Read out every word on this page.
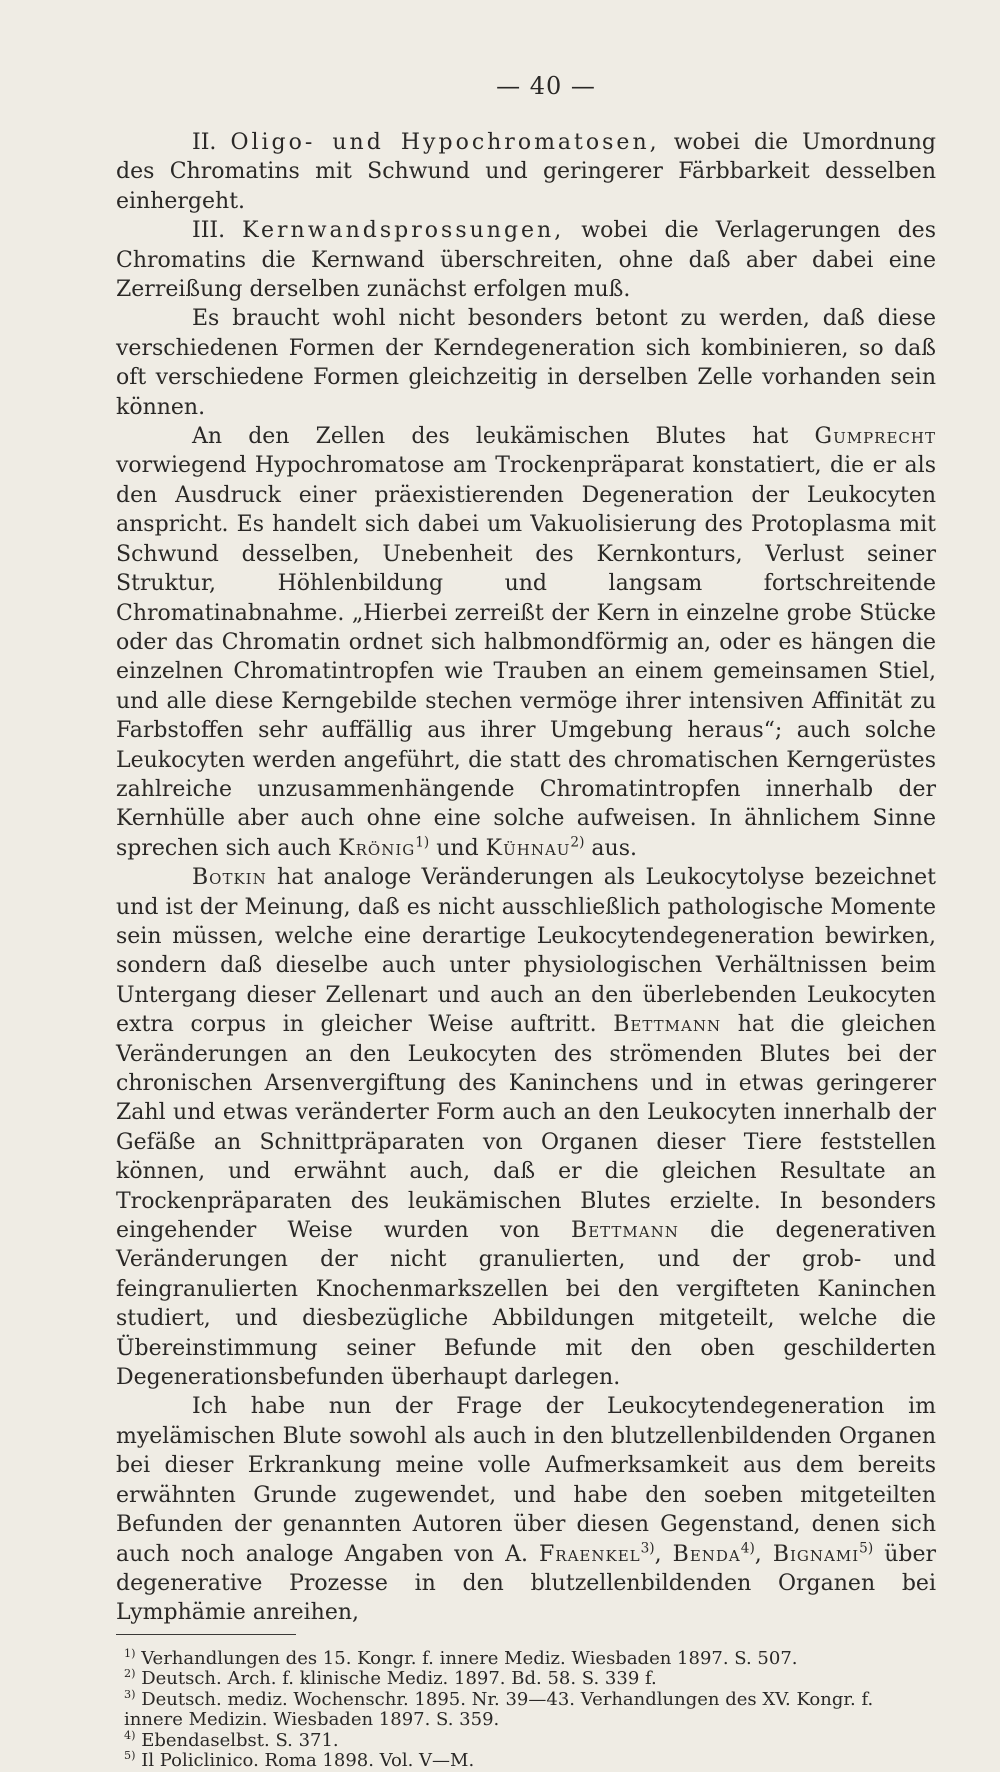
— 40 —

II. Oligo- und Hypochromatosen, wobei die Umordnung des Chromatins mit Schwund und geringerer Färbbarkeit desselben einhergeht.

III. Kernwandsprossungen, wobei die Verlagerungen des Chromatins die Kernwand überschreiten, ohne daß aber dabei eine Zerreißung derselben zunächst erfolgen muß.

Es braucht wohl nicht besonders betont zu werden, daß diese verschiedenen Formen der Kerndegeneration sich kombinieren, so daß oft verschiedene Formen gleichzeitig in derselben Zelle vorhanden sein können.

An den Zellen des leukämischen Blutes hat Gumprecht vorwiegend Hypochromatose am Trockenpräparat konstatiert, die er als den Ausdruck einer präexistierenden Degeneration der Leukocyten anspricht. Es handelt sich dabei um Vakuolisierung des Protoplasma mit Schwund desselben, Unebenheit des Kernkonturs, Verlust seiner Struktur, Höhlenbildung und langsam fortschreitende Chromatinabnahme. „Hierbei zerreißt der Kern in einzelne grobe Stücke oder das Chromatin ordnet sich halbmondförmig an, oder es hängen die einzelnen Chromatintropfen wie Trauben an einem gemeinsamen Stiel, und alle diese Kerngebilde stechen vermöge ihrer intensiven Affinität zu Farbstoffen sehr auffällig aus ihrer Umgebung heraus“; auch solche Leukocyten werden angeführt, die statt des chromatischen Kerngerüstes zahlreiche unzusammenhängende Chromatintropfen innerhalb der Kernhülle aber auch ohne eine solche aufweisen. In ähnlichem Sinne sprechen sich auch Krönig$^{1)}$ und Kühnau$^{2)}$ aus.

Botkin hat analoge Veränderungen als Leukocytolyse bezeichnet und ist der Meinung, daß es nicht ausschließlich pathologische Momente sein müssen, welche eine derartige Leukocytendegeneration bewirken, sondern daß dieselbe auch unter physiologischen Verhältnissen beim Untergang dieser Zellenart und auch an den überlebenden Leukocyten extra corpus in gleicher Weise auftritt. Bettmann hat die gleichen Veränderungen an den Leukocyten des strömenden Blutes bei der chronischen Arsenvergiftung des Kaninchens und in etwas geringerer Zahl und etwas veränderter Form auch an den Leukocyten innerhalb der Gefäße an Schnittpräparaten von Organen dieser Tiere feststellen können, und erwähnt auch, daß er die gleichen Resultate an Trockenpräparaten des leukämischen Blutes erzielte. In besonders eingehender Weise wurden von Bettmann die degenerativen Veränderungen der nicht granulierten, und der grob- und feingranulierten Knochenmarkszellen bei den vergifteten Kaninchen studiert, und diesbezügliche Abbildungen mitgeteilt, welche die Übereinstimmung seiner Befunde mit den oben geschilderten Degenerationsbefunden überhaupt darlegen.

Ich habe nun der Frage der Leukocytendegeneration im myelämischen Blute sowohl als auch in den blutzellenbildenden Organen bei dieser Erkrankung meine volle Aufmerksamkeit aus dem bereits erwähnten Grunde zugewendet, und habe den soeben mitgeteilten Befunden der genannten Autoren über diesen Gegenstand, denen sich auch noch analoge Angaben von A. Fraenkel$^{3)}$, Benda$^{4)}$, Bignami$^{5)}$ über degenerative Prozesse in den blutzellenbildenden Organen bei Lymphämie anreihen,

$^{1)}$ Verhandlungen des 15. Kongr. f. innere Mediz. Wiesbaden 1897. S. 507.

$^{2)}$ Deutsch. Arch. f. klinische Mediz. 1897. Bd. 58. S. 339 f.

$^{3)}$ Deutsch. mediz. Wochenschr. 1895. Nr. 39—43. Verhandlungen des XV. Kongr. f. innere Medizin. Wiesbaden 1897. S. 359.

$^{4)}$ Ebendaselbst. S. 371.

$^{5)}$ Il Policlinico. Roma 1898. Vol. V—M.
